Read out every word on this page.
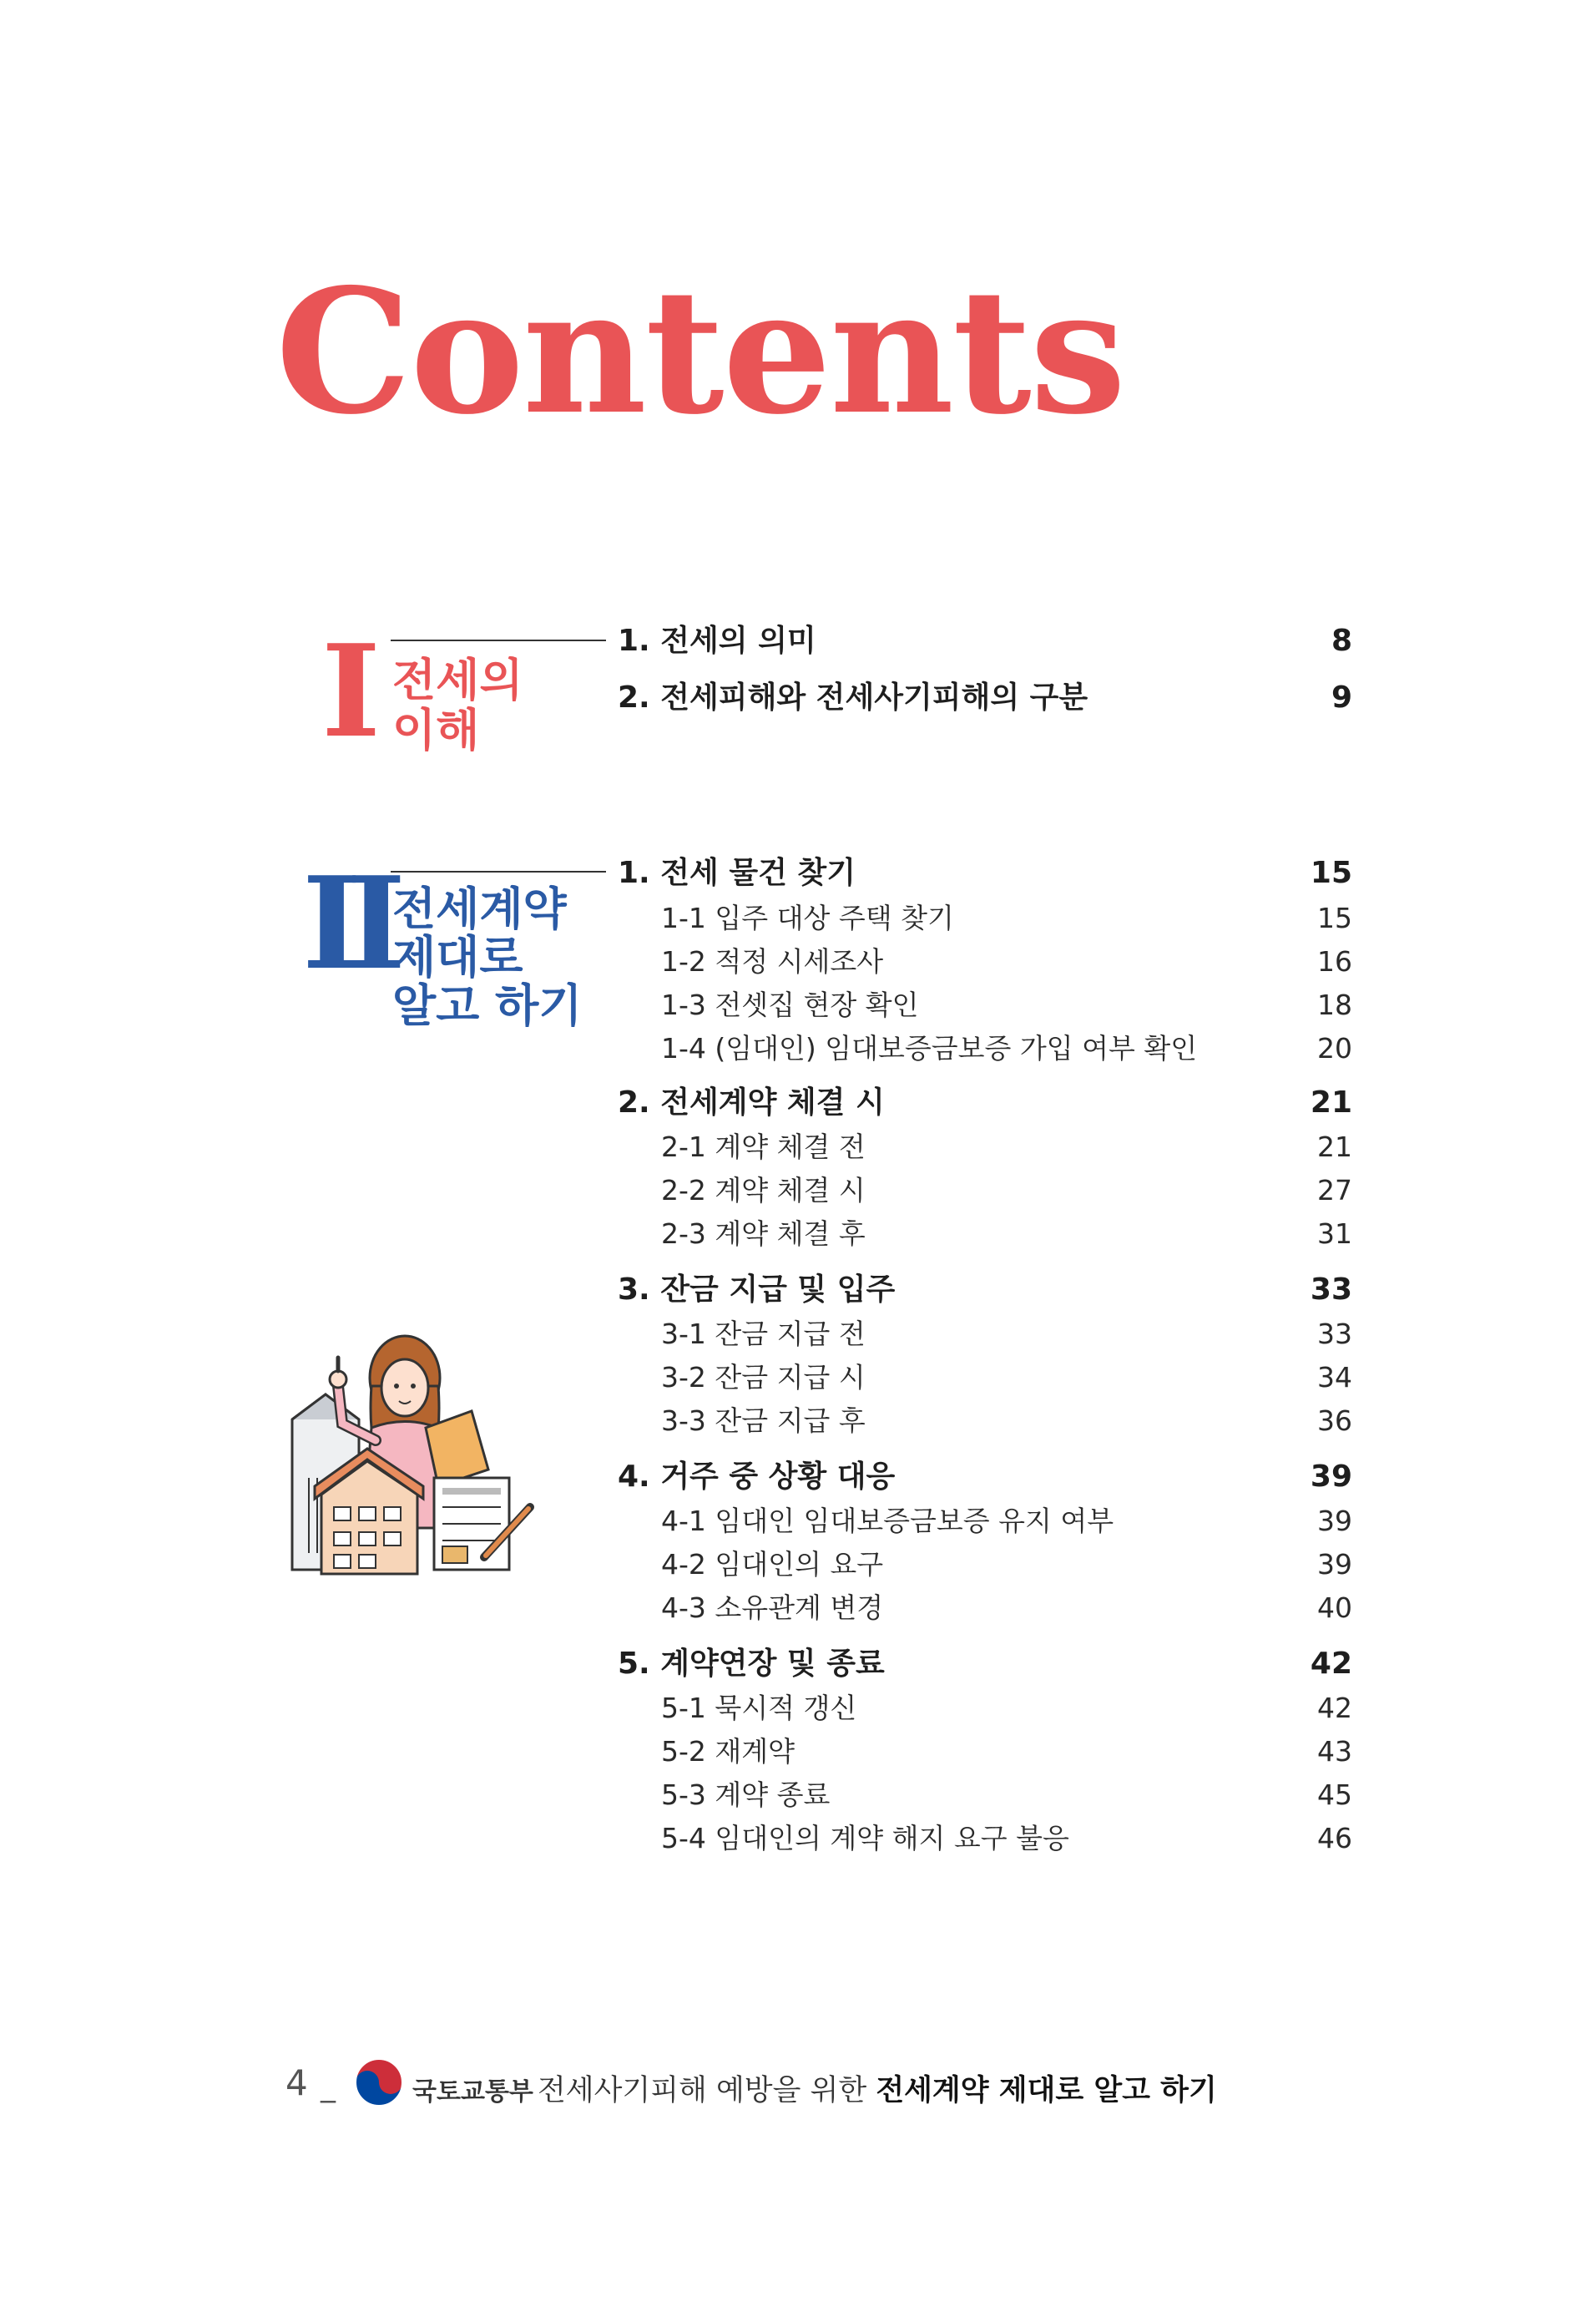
Contents
I 전세의
이해
1. 전세의 의미	8
2. 전세피해와 전세사기피해의 구분	9
II 전세계약
제대로
알고 하기
1. 전세 물건 찾기	15
1-1 입주 대상 주택 찾기	15
1-2 적정 시세조사	16
1-3 전셋집 현장 확인	18
1-4 (임대인) 임대보증금보증 가입 여부 확인	20
2. 전세계약 체결 시	21
2-1 계약 체결 전	21
2-2 계약 체결 시	27
2-3 계약 체결 후	31
3. 잔금 지급 및 입주	33
3-1 잔금 지급 전	33
3-2 잔금 지급 시	34
3-3 잔금 지급 후	36
4. 거주 중 상황 대응	39
4-1 임대인 임대보증금보증 유지 여부	39
4-2 임대인의 요구	39
4-3 소유관계 변경	40
5. 계약연장 및 종료	42
5-1 묵시적 갱신	42
5-2 재계약	43
5-3 계약 종료	45
5-4 임대인의 계약 해지 요구 불응	46
4 _	국토교통부 전세사기피해 예방을 위한 전세계약 제대로 알고 하기
